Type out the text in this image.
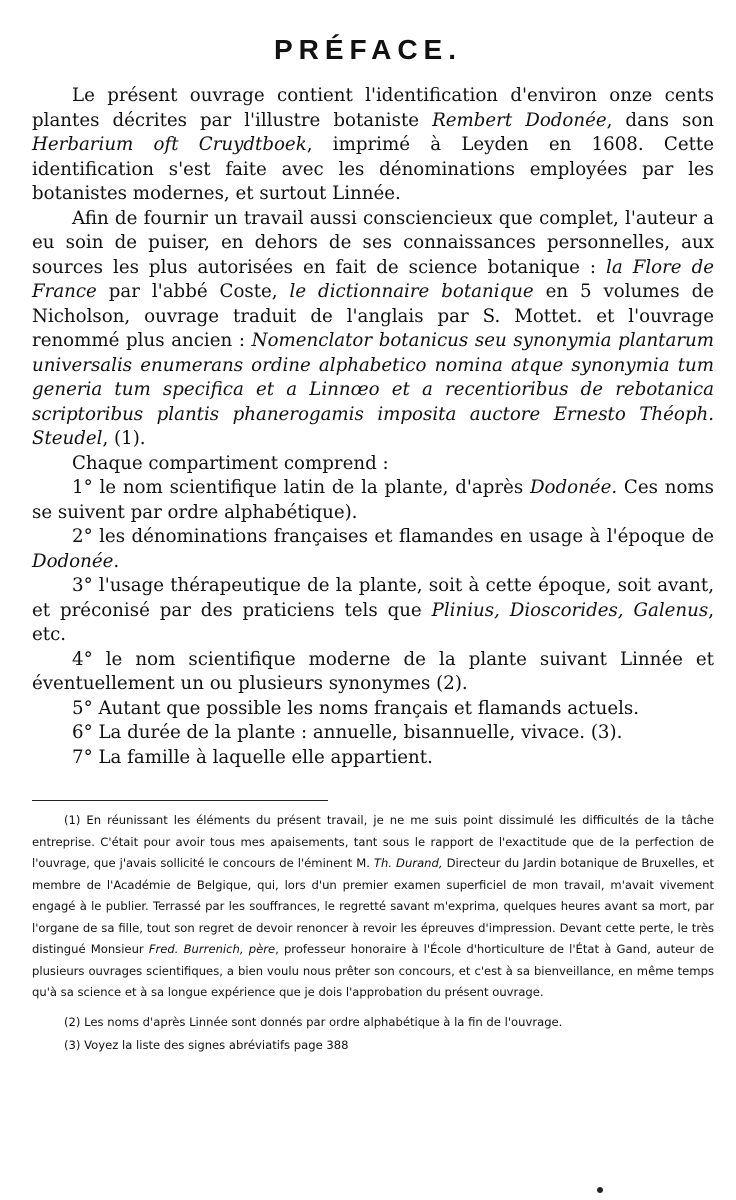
PRÉFACE.

Le présent ouvrage contient l'identification d'environ onze cents plantes décrites par l'illustre botaniste Rembert Dodonée, dans son Herbarium oft Cruydtboek, imprimé à Leyden en 1608. Cette identification s'est faite avec les dénominations employées par les botanistes modernes, et surtout Linnée.

Afin de fournir un travail aussi consciencieux que complet, l'auteur a eu soin de puiser, en dehors de ses connaissances personnelles, aux sources les plus autorisées en fait de science botanique : la Flore de France par l'abbé Coste, le dictionnaire botanique en 5 volumes de Nicholson, ouvrage traduit de l'anglais par S. Mottet. et l'ouvrage renommé plus ancien : Nomenclator botanicus seu synonymia plantarum universalis enumerans ordine alphabetico nomina atque synonymia tum generia tum specifica et a Linnœo et a recentioribus de rebotanica scriptoribus plantis phanerogamis imposita auctore Ernesto Théoph. Steudel, (1).

Chaque compartiment comprend :

1° le nom scientifique latin de la plante, d'après Dodonée. Ces noms se suivent par ordre alphabétique).

2° les dénominations françaises et flamandes en usage à l'époque de Dodonée.

3° l'usage thérapeutique de la plante, soit à cette époque, soit avant, et préconisé par des praticiens tels que Plinius, Dioscorides, Galenus, etc.

4° le nom scientifique moderne de la plante suivant Linnée et éventuellement un ou plusieurs synonymes (2).

5° Autant que possible les noms français et flamands actuels.

6° La durée de la plante : annuelle, bisannuelle, vivace. (3).

7° La famille à laquelle elle appartient.

(1) En réunissant les éléments du présent travail, je ne me suis point dissimulé les difficultés de la tâche entreprise. C'était pour avoir tous mes apaisements, tant sous le rapport de l'exactitude que de la perfection de l'ouvrage, que j'avais sollicité le concours de l'éminent M. Th. Durand, Directeur du Jardin botanique de Bruxelles, et membre de l'Académie de Belgique, qui, lors d'un premier examen superficiel de mon travail, m'avait vivement engagé à le publier. Terrassé par les souffrances, le regretté savant m'exprima, quelques heures avant sa mort, par l'organe de sa fille, tout son regret de devoir renoncer à revoir les épreuves d'impression. Devant cette perte, le très distingué Monsieur Fred. Burrenich, père, professeur honoraire à l'École d'horticulture de l'État à Gand, auteur de plusieurs ouvrages scientifiques, a bien voulu nous prêter son concours, et c'est à sa bienveillance, en même temps qu'à sa science et à sa longue expérience que je dois l'approbation du présent ouvrage.

(2) Les noms d'après Linnée sont donnés par ordre alphabétique à la fin de l'ouvrage.

(3) Voyez la liste des signes abréviatifs page 388
